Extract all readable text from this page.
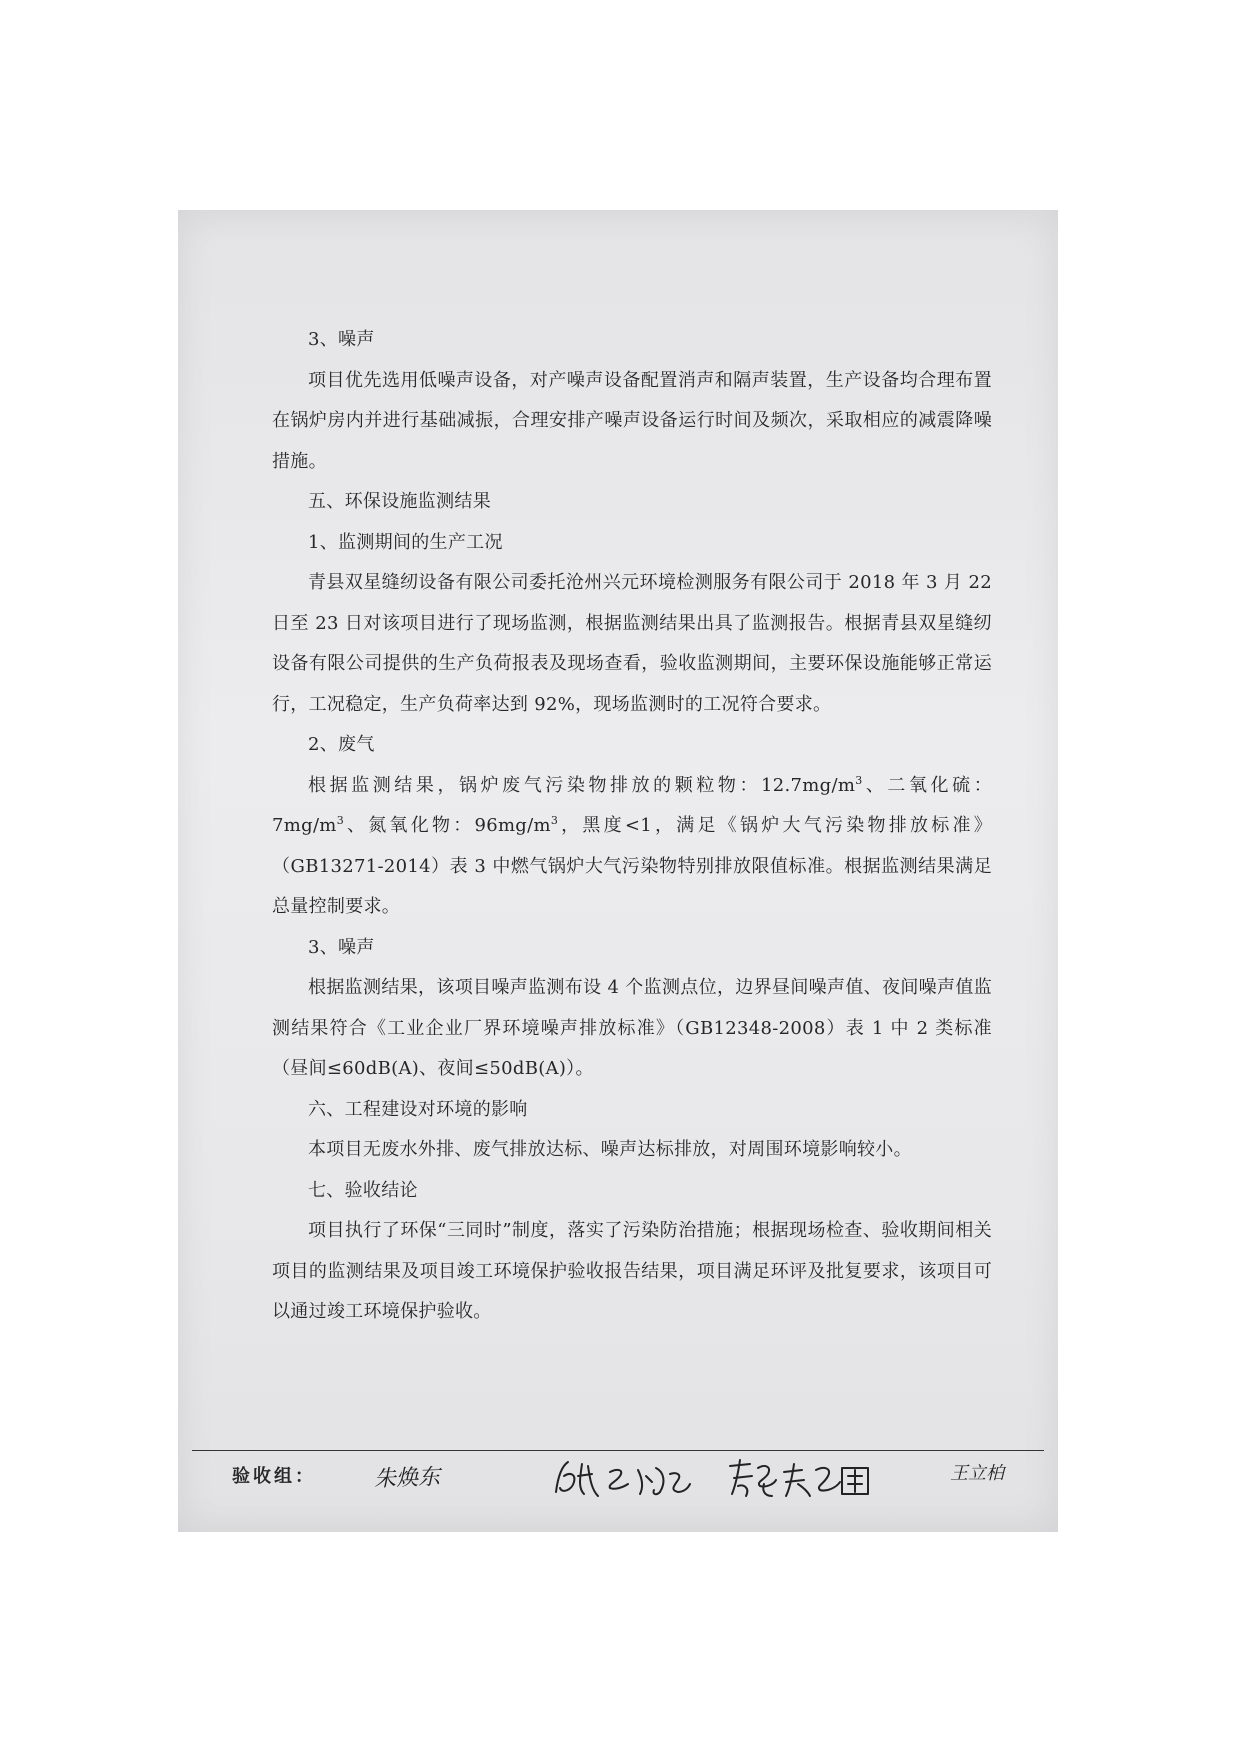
3、噪声

项目优先选用低噪声设备，对产噪声设备配置消声和隔声装置，生产设备均合理布置在锅炉房内并进行基础减振，合理安排产噪声设备运行时间及频次，采取相应的减震降噪措施。

五、环保设施监测结果

1、监测期间的生产工况

青县双星缝纫设备有限公司委托沧州兴元环境检测服务有限公司于 2018 年 3 月 22 日至 23 日对该项目进行了现场监测，根据监测结果出具了监测报告。根据青县双星缝纫设备有限公司提供的生产负荷报表及现场查看，验收监测期间，主要环保设施能够正常运行，工况稳定，生产负荷率达到 92%，现场监测时的工况符合要求。

2、废气

根据监测结果，锅炉废气污染物排放的颗粒物：$12.7mg/m^3$、二氧化硫：$7mg/m^3$、氮氧化物：$96mg/m^3$，黑度<1，满足《锅炉大气污染物排放标准》（GB13271-2014）表 3 中燃气锅炉大气污染物特别排放限值标准。根据监测结果满足总量控制要求。

3、噪声

根据监测结果，该项目噪声监测布设 4 个监测点位，边界昼间噪声值、夜间噪声值监测结果符合《工业企业厂界环境噪声排放标准》（GB12348-2008）表 1 中 2 类标准（昼间≤60dB(A)、夜间≤50dB(A)）。

六、工程建设对环境的影响

本项目无废水外排、废气排放达标、噪声达标排放，对周围环境影响较小。

七、验收结论

项目执行了环保“三同时”制度，落实了污染防治措施；根据现场检查、验收期间相关项目的监测结果及项目竣工环境保护验收报告结果，项目满足环评及批复要求，该项目可以通过竣工环境保护验收。

验收组：	朱焕东	王立柏
